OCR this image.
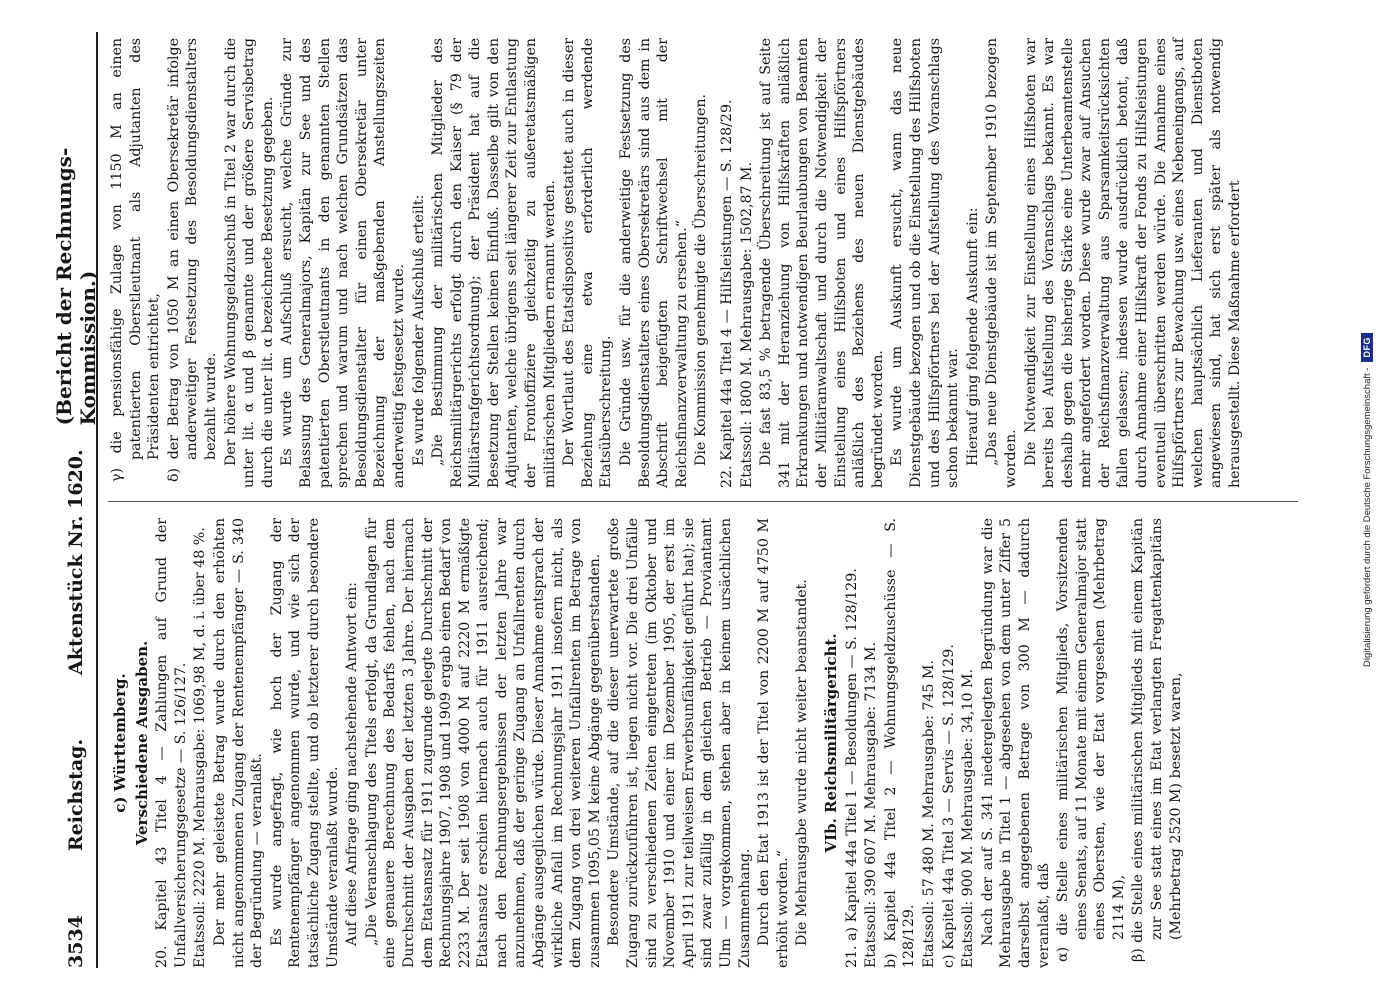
3534
Reichstag.
Aktenstück Nr. 1620.
(Bericht der Rechnungs-Kommission.)

c) Württemberg. Verschiedene Ausgaben. 20. Kapitel 43 Titel 4 — Zahlungen auf Grund der Unfallversicherungsgesetze — S. 126/127. Etatssoll: 2220 M. Mehrausgabe: 1069,98 M, d. i. über 48 %. Der mehr geleistete Betrag wurde durch den erhöhten nicht angenommenen Zugang der Rentenempfänger — S. 340 der Begründung — veranlaßt. Es wurde angefragt, wie hoch der Zugang der Rentenempfänger angenommen wurde, und wie sich der tatsächliche Zugang stellte, und ob letzterer durch besondere Umstände veranlaßt wurde. Auf diese Anfrage ging nachstehende Antwort ein: „Die Veranschlagung des Titels erfolgt, da Grundlagen für eine genauere Berechnung des Bedarfs fehlen, nach dem Durchschnitt der Ausgaben der letzten 3 Jahre. Der hiernach dem Etatsansatz für 1911 zugrunde gelegte Durchschnitt der Rechnungsjahre 1907, 1908 und 1909 ergab einen Bedarf von 2233 M. Der seit 1908 von 4000 M auf 2220 M ermäßigte Etatsansatz erschien hiernach auch für 1911 ausreichend; nach den Rechnungsergebnissen der letzten Jahre war anzunehmen, daß der geringe Zugang an Unfallrenten durch Abgänge ausgeglichen würde. Dieser Annahme entsprach der wirkliche Anfall im Rechnungsjahr 1911 insofern nicht, als dem Zugang von drei weiteren Unfallrenten im Betrage von zusammen 1095,05 M keine Abgänge gegenüberstanden. Besondere Umstände, auf die dieser unerwartete große Zugang zurückzuführen ist, liegen nicht vor. Die drei Unfälle sind zu verschiedenen Zeiten eingetreten (im Oktober und November 1910 und einer im Dezember 1905, der erst im April 1911 zur teilweisen Erwerbsunfähigkeit geführt hat); sie sind zwar zufällig in dem gleichen Betrieb — Proviantamt Ulm — vorgekommen, stehen aber in keinem ursächlichen Zusammenhang. Durch den Etat 1913 ist der Titel von 2200 M auf 4750 M erhöht worden.“ Die Mehrausgabe wurde nicht weiter beanstandet. VIb. Reichsmilitärgericht. 21. a) Kapitel 44a Titel 1 — Besoldungen — S. 128/129. Etatssoll: 390 607 M. Mehrausgabe: 7134 M. b) Kapitel 44a Titel 2 — Wohnungsgeldzuschüsse — S. 128/129. Etatssoll: 57 480 M. Mehrausgabe: 745 M. c) Kapitel 44a Titel 3 — Servis — S. 128/129. Etatssoll: 900 M. Mehrausgabe: 34,10 M. Nach der auf S. 341 niedergelegten Begründung war die Mehrausgabe in Titel 1 — abgesehen von dem unter Ziffer 5 darselbst angegebenen Betrage von 300 M — dadurch veranlaßt, daß α) die Stelle eines militärischen Mitglieds, Vorsitzenden eines Senats, auf 11 Monate mit einem Generalmajor statt eines Obersten, wie der Etat vorgesehen (Mehrbetrag 2114 M), β) die Stelle eines militärischen Mitglieds mit einem Kapitän zur See statt eines im Etat verlangten Fregattenkapitäns (Mehrbetrag 2520 M) besetzt waren,

γ) die pensionsfähige Zulage von 1150 M an einen patentierten Oberstleutnant als Adjutanten des Präsidenten entrichtet, δ) der Betrag von 1050 M an einen Obersekretär infolge anderweitiger Festsetzung des Besoldungsdienstalters bezahlt wurde. Der höhere Wohnungsgeldzuschuß in Titel 2 war durch die unter lit. α und β genannte und der größere Servisbetrag durch die unter lit. α bezeichnete Besetzung gegeben. Es wurde um Aufschluß ersucht, welche Gründe zur Belassung des Generalmajors, Kapitän zur See und des patentierten Oberstleutnants in den genannten Stellen sprechen und warum und nach welchen Grundsätzen das Besoldungsdienstalter für einen Obersekretär unter Bezeichnung der maßgebenden Anstellungszeiten anderweitig festgesetzt wurde. Es wurde folgender Aufschluß erteilt: „Die Bestimmung der militärischen Mitglieder des Reichsmilitärgerichts erfolgt durch den Kaiser (§ 79 der Militärstrafgerichtsordnung); der Präsident hat auf die Besetzung der Stellen keinen Einfluß. Dasselbe gilt von den Adjutanten, welche übrigens seit längerer Zeit zur Entlastung der Frontoffiziere gleichzeitig zu außeretatsmäßigen militärischen Mitgliedern ernannt werden. Der Wortlaut des Etatsdispositivs gestattet auch in dieser Beziehung eine etwa erforderlich werdende Etatsüberschreitung. Die Gründe usw. für die anderweitige Festsetzung des Besoldungsdienstalters eines Obersekretärs sind aus dem in Abschrift beigefügten Schriftwechsel mit der Reichsfinanzverwaltung zu ersehen.“ Die Kommission genehmigte die Überschreitungen. 22. Kapitel 44a Titel 4 — Hilfsleistungen — S. 128/29. Etatssoll: 1800 M. Mehrausgabe: 1502,87 M. Die fast 83,5 % betragende Überschreitung ist auf Seite 341 mit der Heranziehung von Hilfskräften anläßlich Erkrankungen und notwendigen Beurlaubungen von Beamten der Militäranwaltschaft und durch die Notwendigkeit der Einstellung eines Hilfsboten und eines Hilfspförtners anläßlich des Beziehens des neuen Dienstgebäudes begründet worden. Es wurde um Auskunft ersucht, wann das neue Dienstgebäude bezogen und ob die Einstellung des Hilfsboten und des Hilfspförtners bei der Aufstellung des Voranschlags schon bekannt war. Hierauf ging folgende Auskunft ein: „Das neue Dienstgebäude ist im September 1910 bezogen worden. Die Notwendigkeit zur Einstellung eines Hilfsboten war bereits bei Aufstellung des Voranschlags bekannt. Es war deshalb gegen die bisherige Stärke eine Unterbeamtenstelle mehr angefordert worden. Diese wurde zwar auf Ansuchen der Reichsfinanzverwaltung aus Sparsamkeitsrücksichten fallen gelassen; indessen wurde ausdrücklich betont, daß durch Annahme einer Hilfskraft der Fonds zu Hilfsleistungen eventuell überschritten werden würde. Die Annahme eines Hilfspförtners zur Bewachung usw. eines Nebeneingangs, auf welchen hauptsächlich Lieferanten und Dienstboten angewiesen sind, hat sich erst später als notwendig herausgestellt. Diese Maßnahme erfordert

Digitalisierung gefördert durch die Deutsche Forschungsgemeinschaft -
DFG
